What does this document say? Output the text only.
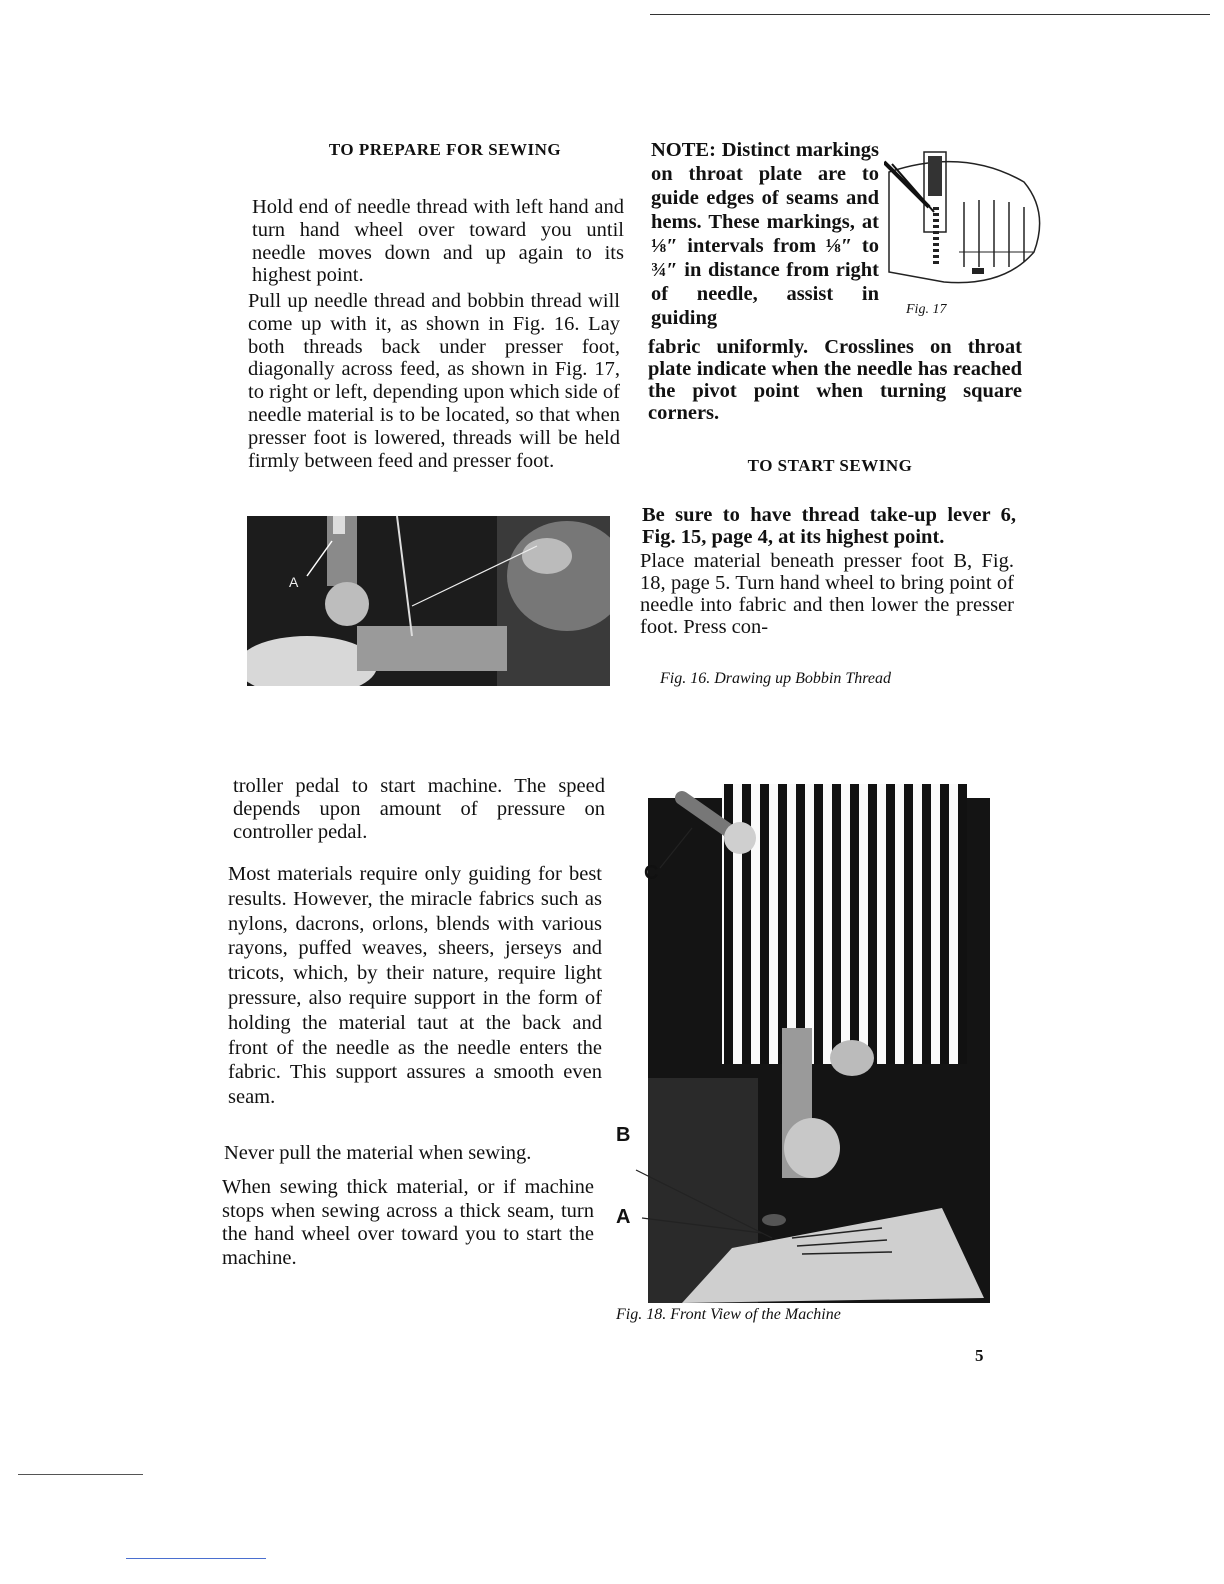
TO PREPARE FOR SEWING

Hold end of needle thread with left hand and turn hand wheel over toward you until needle moves down and up again to its highest point.

Pull up needle thread and bobbin thread will come up with it, as shown in Fig. 16. Lay both threads back under presser foot, diagonally across feed, as shown in Fig. 17, to right or left, depending upon which side of needle material is to be located, so that when presser foot is lowered, threads will be held firmly between feed and presser foot.

A

NOTE: Distinct markings on throat plate are to guide edges of seams and hems. These markings, at ⅛″ intervals from ⅛″ to ¾″ in distance from right of needle, assist in guiding	Fig. 17

fabric uniformly. Crosslines on throat plate indicate when the needle has reached the pivot point when turning square corners.

TO START SEWING

Be sure to have thread take-up lever 6, Fig. 15, page 4, at its highest point.

Place material beneath presser foot B, Fig. 18, page 5. Turn hand wheel to bring point of needle into fabric and then lower the presser foot. Press con-

Fig. 16. Drawing up Bobbin Thread

troller pedal to start machine. The speed depends upon amount of pressure on controller pedal.

Most materials require only guiding for best results. However, the miracle fabrics such as nylons, dacrons, orlons, blends with various rayons, puffed weaves, sheers, jerseys and tricots, which, by their nature, require light pressure, also require support in the form of holding the material taut at the back and front of the needle as the needle enters the fabric. This support assures a smooth even seam.

Never pull the material when sewing.

When sewing thick material, or if machine stops when sewing across a thick seam, turn the hand wheel over toward you to start the machine.

C
B
A
Fig. 18. Front View of the Machine
5
